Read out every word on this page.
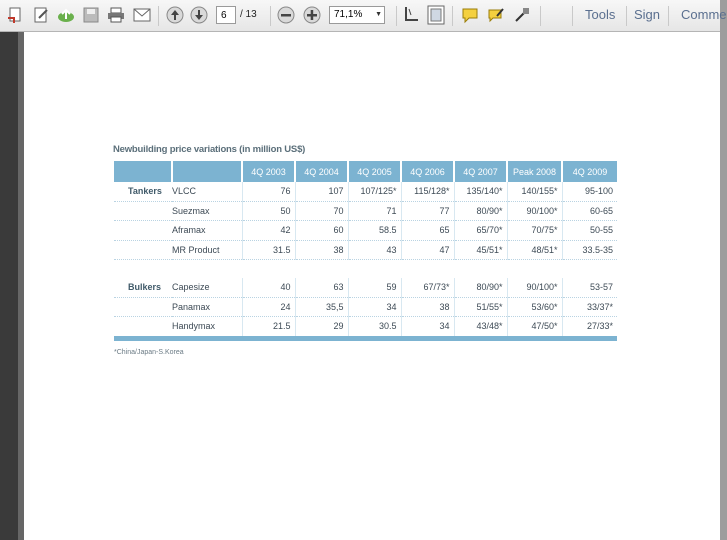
6	/ 13	71,1% ▼	Tools Sign Comme
Newbuilding price variations (in million US$)
		4Q 2003	4Q 2004	4Q 2005	4Q 2006	4Q 2007	Peak 2008	4Q 2009
Tankers	VLCC	76	107	107/125*	115/128*	135/140*	140/155*	95-100
	Suezmax	50	70	71	77	80/90*	90/100*	60-65
	Aframax	42	60	58.5	65	65/70*	70/75*	50-55
	MR Product	31.5	38	43	47	45/51*	48/51*	33.5-35

Bulkers	Capesize	40	63	59	67/73*	80/90*	90/100*	53-57
	Panamax	24	35,5	34	38	51/55*	53/60*	33/37*
	Handymax	21.5	29	30.5	34	43/48*	47/50*	27/33*
*China/Japan-S.Korea
